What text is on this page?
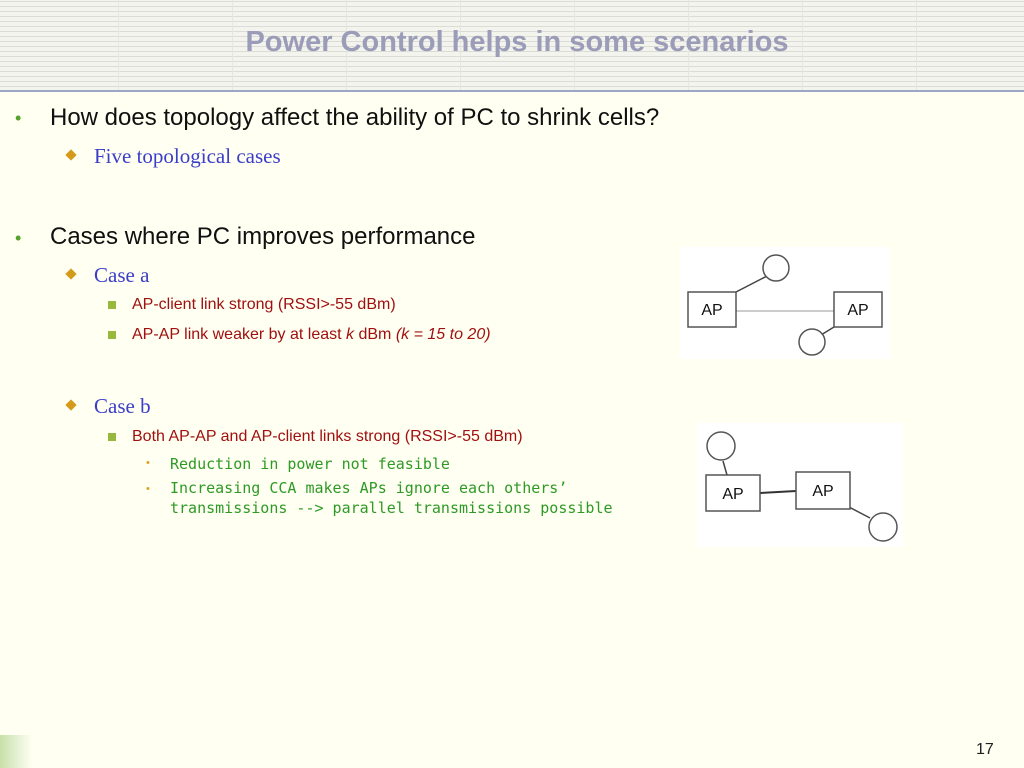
Power Control helps in some scenarios
• How does topology affect the ability of PC to shrink cells?
Five topological cases
• Cases where PC improves performance
Case a
AP-client link strong (RSSI>-55 dBm)
AP-AP link weaker by at least k dBm (k = 15 to 20)
Case b
Both AP-AP and AP-client links strong (RSSI>-55 dBm)
• Reduction in power not feasible
• Increasing CCA makes APs ignore each others’
transmissions --> parallel transmissions possible
AP	AP
AP	AP
17
